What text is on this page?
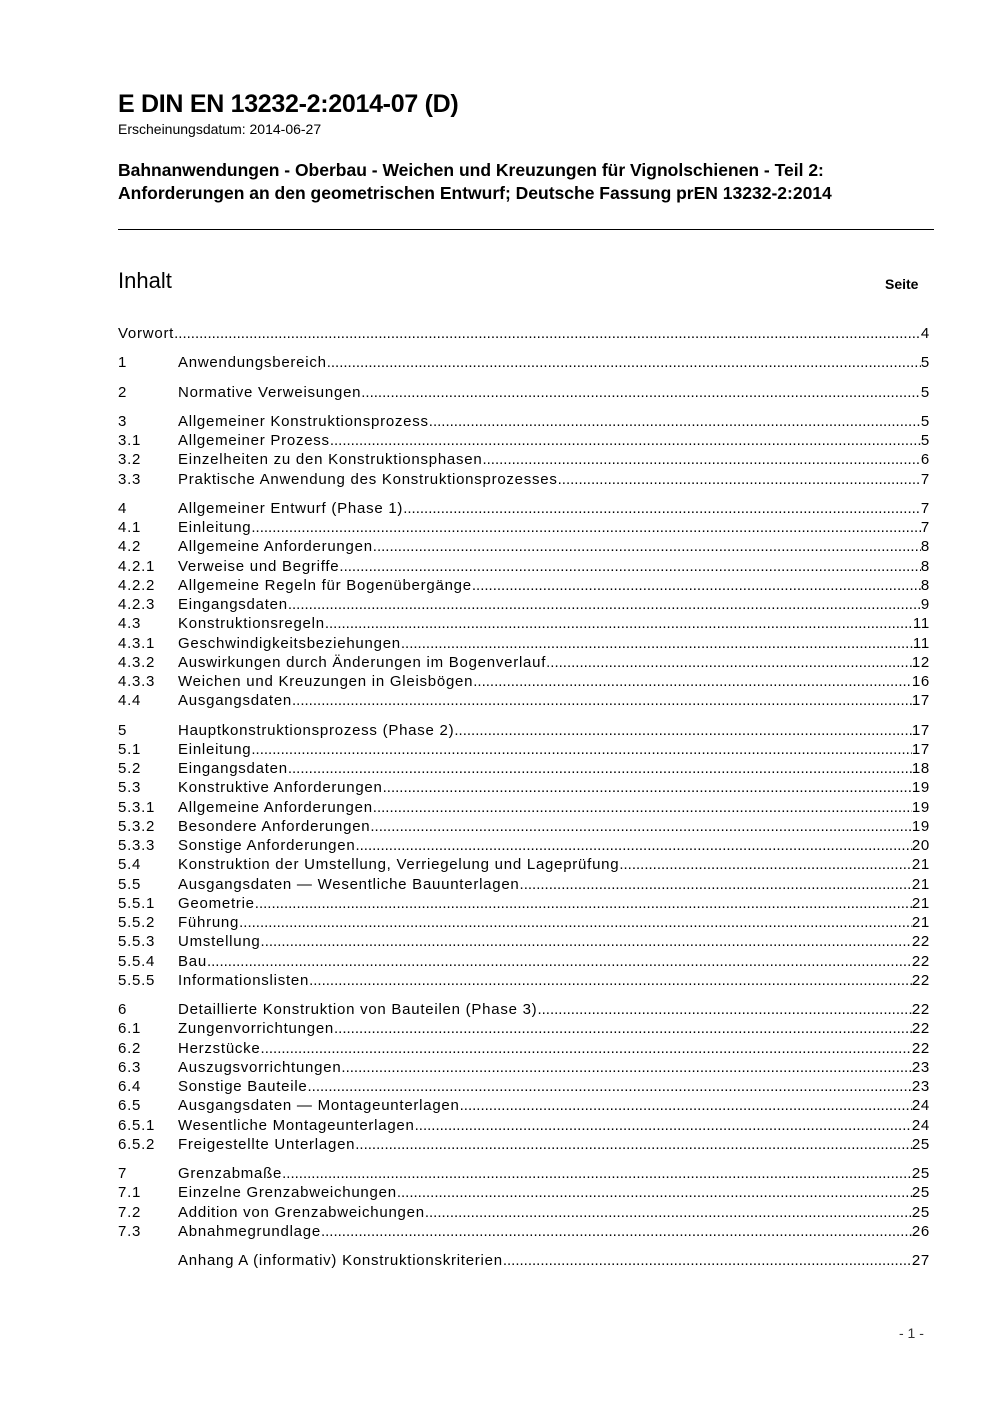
E DIN EN 13232-2:2014-07 (D)
Erscheinungsdatum: 2014-06-27
Bahnanwendungen - Oberbau - Weichen und Kreuzungen für Vignolschienen - Teil 2: Anforderungen an den geometrischen Entwurf; Deutsche Fassung prEN 13232-2:2014
Inhalt	Seite
Vorwort .....	4
1	Anwendungsbereich .....	5
2	Normative Verweisungen .....	5
3	Allgemeiner Konstruktionsprozess .....	5
3.1	Allgemeiner Prozess .....	5
3.2	Einzelheiten zu den Konstruktionsphasen .....	6
3.3	Praktische Anwendung des Konstruktionsprozesses .....	7
4	Allgemeiner Entwurf (Phase 1) .....	7
4.1	Einleitung .....	7
4.2	Allgemeine Anforderungen .....	8
4.2.1	Verweise und Begriffe .....	8
4.2.2	Allgemeine Regeln für Bogenübergänge .....	8
4.2.3	Eingangsdaten .....	9
4.3	Konstruktionsregeln .....	11
4.3.1	Geschwindigkeitsbeziehungen .....	11
4.3.2	Auswirkungen durch Änderungen im Bogenverlauf .....	12
4.3.3	Weichen und Kreuzungen in Gleisbögen .....	16
4.4	Ausgangsdaten .....	17
5	Hauptkonstruktionsprozess (Phase 2) .....	17
5.1	Einleitung .....	17
5.2	Eingangsdaten .....	18
5.3	Konstruktive Anforderungen .....	19
5.3.1	Allgemeine Anforderungen .....	19
5.3.2	Besondere Anforderungen .....	19
5.3.3	Sonstige Anforderungen .....	20
5.4	Konstruktion der Umstellung, Verriegelung und Lageprüfung .....	21
5.5	Ausgangsdaten — Wesentliche Bauunterlagen .....	21
5.5.1	Geometrie .....	21
5.5.2	Führung .....	21
5.5.3	Umstellung .....	22
5.5.4	Bau .....	22
5.5.5	Informationslisten .....	22
6	Detaillierte Konstruktion von Bauteilen (Phase 3) .....	22
6.1	Zungenvorrichtungen .....	22
6.2	Herzstücke .....	22
6.3	Auszugsvorrichtungen .....	23
6.4	Sonstige Bauteile .....	23
6.5	Ausgangsdaten — Montageunterlagen .....	24
6.5.1	Wesentliche Montageunterlagen .....	24
6.5.2	Freigestellte Unterlagen .....	25
7	Grenzabmaße .....	25
7.1	Einzelne Grenzabweichungen .....	25
7.2	Addition von Grenzabweichungen .....	25
7.3	Abnahmegrundlage .....	26
Anhang A (informativ) Konstruktionskriterien .....	27
- 1 -
